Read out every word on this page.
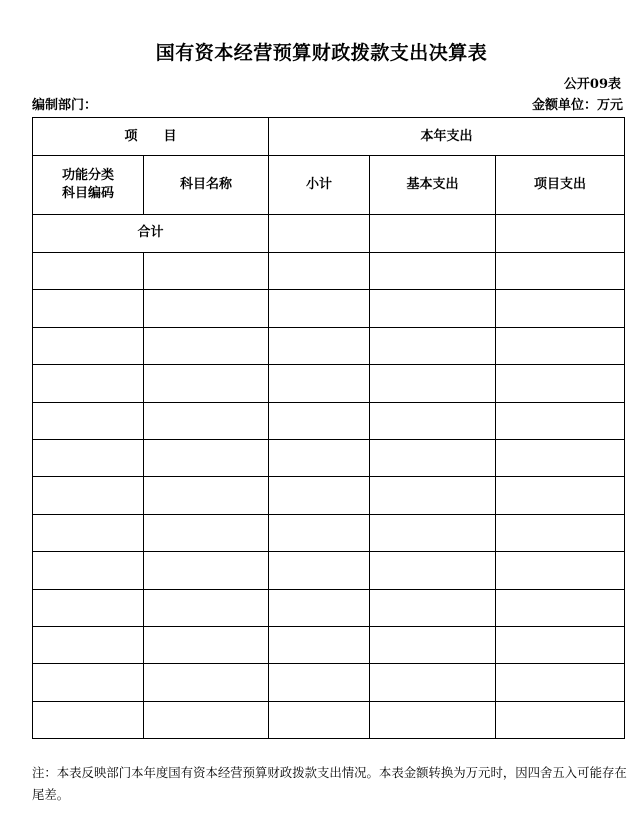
国有资本经营预算财政拨款支出决算表
公开09表
编制部门：	金额单位：万元
项　　目		本年支出		

功能分类
科目编码	科目名称	小计	基本支出	项目支出
合计				

注：本表反映部门本年度国有资本经营预算财政拨款支出情况。本表金额转换为万元时，因四舍五入可能存在尾差。
